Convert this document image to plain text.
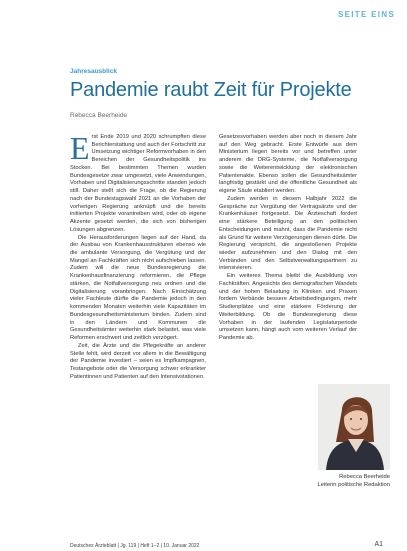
SEITE EINS
Jahresausblick
Pandemie raubt Zeit für Projekte
Rebecca Beerheide

Erst Ende 2019 und 2020 schrumpften diese Berichterstattung und auch der Fortschritt zur Umsetzung wichtiger Reformvorhaben in den Bereichen der Gesundheitspolitik ins Stocken. Bei bestimmten Themen wurden Bundesgesetze zwar umgesetzt, viele Anwendungen, Vorhaben und Digitalisierungsschritte standen jedoch still. Daher stellt sich die Frage, ob die Regierung nach der Bundestagswahl 2021 an die Vorhaben der vorherigen Regierung anknüpft und die bereits initiierten Projekte vorantreiben wird, oder ob eigene Akzente gesetzt werden, die sich von bisherigen Lösungen abgrenzen.

Die Herausforderungen liegen auf der Hand, da der Ausbau von Krankenhausstrukturen ebenso wie die ambulante Versorgung, die Vergütung und der Mangel an Fachkräften sich nicht aufschieben lassen. Zudem will die neue Bundesregierung die Krankenhausfinanzierung reformieren, die Pflege stärken, die Notfallversorgung neu ordnen und die Digitalisierung voranbringen. Nach Einschätzung vieler Fachleute dürfte die Pandemie jedoch in den kommenden Monaten weiterhin viele Kapazitäten im Bundesgesundheitsministerium binden. Zudem sind in den Ländern und Kommunen die Gesundheitsämter weiterhin stark belastet, was viele Reformen erschwert und zeitlich verzögert.

Zeit, die Ärzte und die Pflegekräfte an anderer Stelle fehlt, wird derzeit vor allem in die Bewältigung der Pandemie investiert – seien es Impfkampagnen, Testangebote oder die Versorgung schwer erkrankter Patientinnen und Patienten auf den Intensivstationen.

Gesetzesvorhaben werden aber noch in diesem Jahr auf den Weg gebracht. Erste Entwürfe aus dem Ministerium liegen bereits vor und betreffen unter anderem die DRG-Systeme, die Notfallversorgung sowie die Weiterentwicklung der elektronischen Patientenakte. Ebenso sollen die Gesundheitsämter langfristig gestärkt und die öffentliche Gesundheit als eigene Säule etabliert werden.

Zudem werden in diesem Halbjahr 2022 die Gespräche zur Vergütung der Vertragsärzte und der Krankenhäuser fortgesetzt. Die Ärzteschaft fordert eine stärkere Beteiligung an den politischen Entscheidungen und mahnt, dass die Pandemie nicht als Grund für weitere Verzögerungen dienen dürfe. Die Regierung verspricht, die angestoßenen Projekte wieder aufzunehmen und den Dialog mit den Verbänden und den Selbstverwaltungspartnern zu intensivieren.

Ein weiteres Thema bleibt die Ausbildung von Fachkräften. Angesichts des demografischen Wandels und der hohen Belastung in Kliniken und Praxen fordern Verbände bessere Arbeitsbedingungen, mehr Studienplätze und eine stärkere Förderung der Weiterbildung. Ob die Bundesregierung diese Vorhaben in der laufenden Legislaturperiode umsetzen kann, hängt auch vom weiteren Verlauf der Pandemie ab.

Rebecca Beerheide
Leiterin politische Redaktion
Deutsches Ärzteblatt | Jg. 119 | Heft 1–2 | 10. Januar 2022	A1
